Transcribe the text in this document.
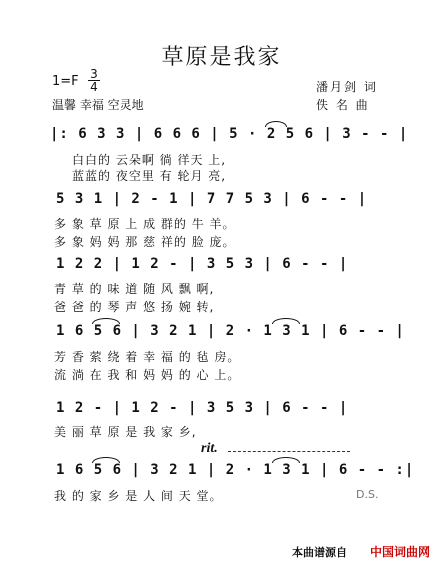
草原是我家
$1=F \frac{3}{4}$
温馨 幸福 空灵地
潘月剑 词
佚 名 曲
|: 6 3 3 | 6 6 6 | 5 · 2 5 6 | 3 - - |
白白的 云朵啊 徜 徉天 上,
蓝蓝的 夜空里 有 轮月 亮,
5 3 1 | 2 - 1 | 7 7 5 3 | 6 - - |
多 象 草 原 上 成 群的 牛 羊。
多 象 妈 妈 那 慈 祥的 脸 庞。
1 2 2 | 1 2 - | 3 5 3 | 6 - - |
青 草 的 味 道 随 风 飘 啊,
爸 爸 的 琴 声 悠 扬 婉 转,
1 6 5 6 | 3 2 1 | 2 · 1 3 1 | 6 - - |
芳 香 萦 绕 着 幸 福 的 毡 房。
流 淌 在 我 和 妈 妈 的 心 上。
1 2 - | 1 2 - | 3 5 3 | 6 - - |
美 丽 草 原 是 我 家 乡,
rit.
1 6 5 6 | 3 2 1 | 2 · 1 3 1 | 6 - - :|
我 的 家 乡 是 人 间 天 堂。	D.S.
本曲谱源自 中国词曲网
